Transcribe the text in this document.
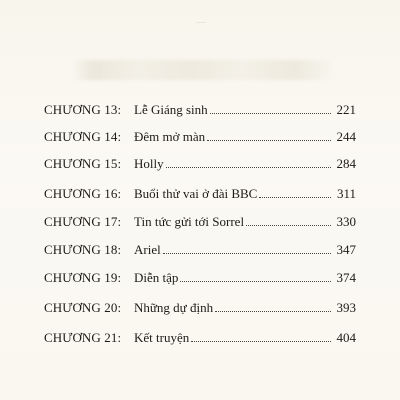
CHƯƠNG 13: Lễ Giáng sinh	221
CHƯƠNG 14: Đêm mở màn	244
CHƯƠNG 15: Holly	284
CHƯƠNG 16: Buổi thử vai ở đài BBC	311
CHƯƠNG 17: Tin tức gửi tới Sorrel	330
CHƯƠNG 18: Ariel	347
CHƯƠNG 19: Diễn tập	374
CHƯƠNG 20: Những dự định	393
CHƯƠNG 21: Kết truyện	404
